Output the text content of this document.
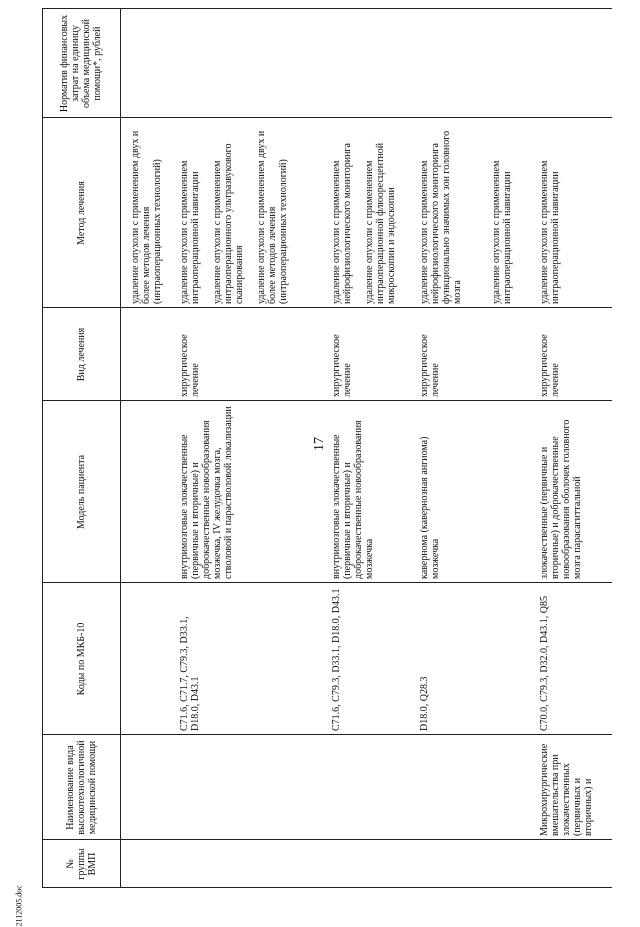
17
2112005.doc
№ группы ВМП
Наименование вида высокотехнологичной медицинской помощи
Коды по МКБ-10
Модель пациента
Вид лечения
Метод лечения
Норматив финансовых затрат на единицу объема медицинской помощи*, рублей
удаление опухоли с применением двух и более методов лечения (интраоперационных технологий)
C71.6, C71.7, C79.3, D33.1, D18.0, D43.1
внутримозговые злокачественные (первичные и вторичные) и доброкачественные новообразования мозжечка, IV желудочка мозга, стволовой и парастволовой локализации
хирургическое лечение
удаление опухоли с применением интраоперационной навигации удаление опухоли с применением интраоперационного ультразвукового сканирования удаление опухоли с применением двух и более методов лечения (интраоперационных технологий)
C71.6, C79.3, D33.1, D18.0, D43.1
внутримозговые злокачественные (первичные и вторичные) и доброкачественные новообразования мозжечка
хирургическое лечение
удаление опухоли с применением нейрофизиологического мониторинга удаление опухоли с применением интраоперационной флюоресцентной микроскопии и эндоскопии
D18.0, Q28.3
кавернома (кавернозная ангиома) мозжечка
хирургическое лечение
удаление опухоли с применением нейрофизиологического мониторинга функционально значимых зон головного мозга	удаление опухоли с применением интраоперационной навигации
Микрохирургические вмешательства при злокачественных (первичных и вторичных) и
C70.0, C79.3, D32.0, D43.1, Q85
злокачественные (первичные и вторичные) и доброкачественные новообразования оболочек головного мозга парасагиттальной
хирургическое лечение
удаление опухоли с применением интраоперационной навигации
